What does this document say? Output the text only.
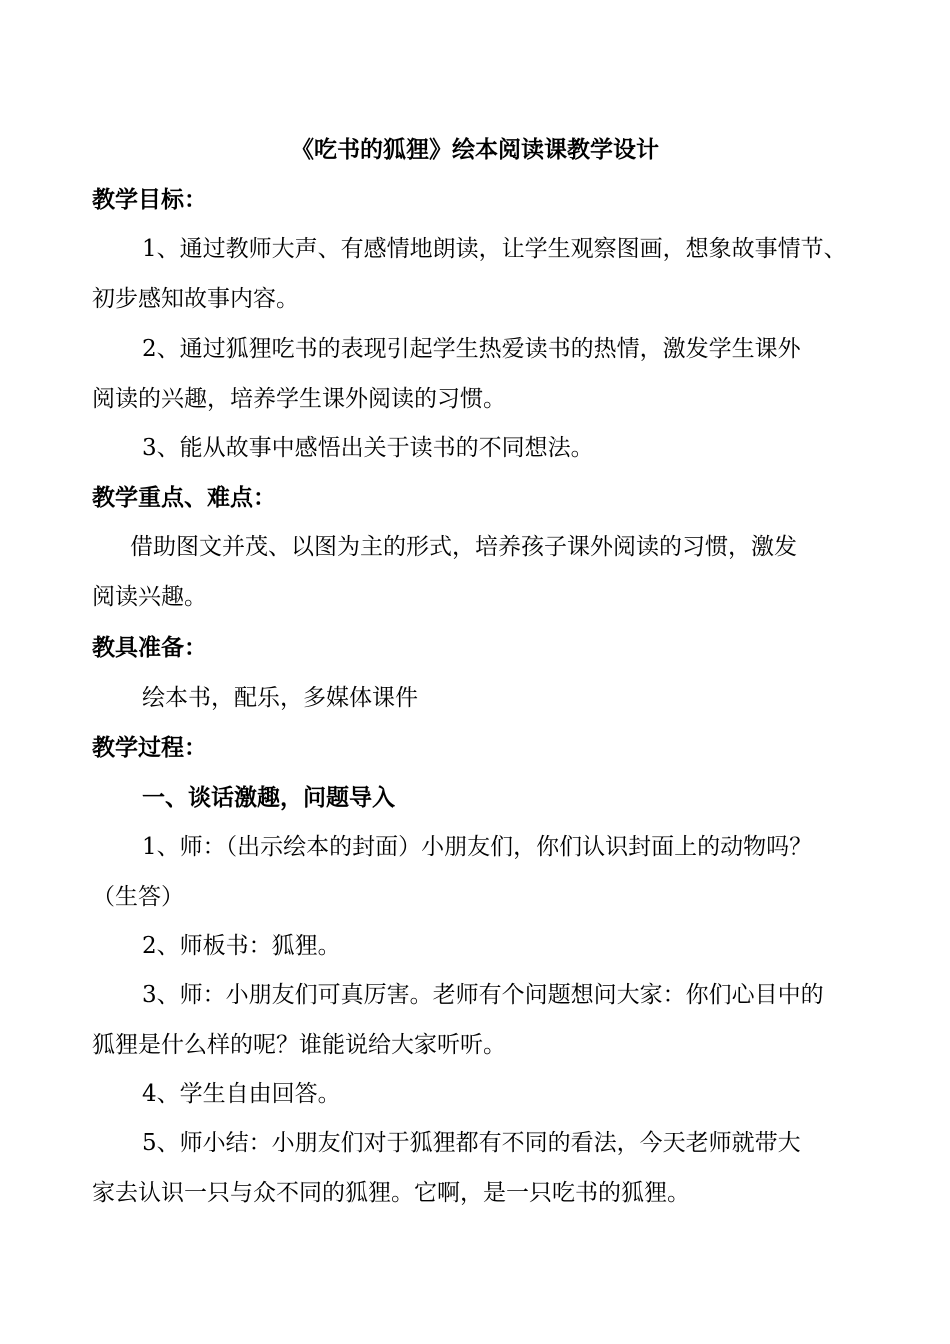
《吃书的狐狸》绘本阅读课教学设计
教学目标：
1、通过教师大声、有感情地朗读，让学生观察图画，想象故事情节、
初步感知故事内容。
2、通过狐狸吃书的表现引起学生热爱读书的热情，激发学生课外
阅读的兴趣，培养学生课外阅读的习惯。
3、能从故事中感悟出关于读书的不同想法。
教学重点、难点：
借助图文并茂、以图为主的形式，培养孩子课外阅读的习惯，激发
阅读兴趣。
教具准备：
绘本书，配乐，多媒体课件
教学过程：
一、谈话激趣，问题导入
1、师：（出示绘本的封面）小朋友们，你们认识封面上的动物吗？
（生答）
2、师板书：狐狸。
3、师：小朋友们可真厉害。老师有个问题想问大家：你们心目中的
狐狸是什么样的呢？谁能说给大家听听。
4、学生自由回答。
5、师小结：小朋友们对于狐狸都有不同的看法，今天老师就带大
家去认识一只与众不同的狐狸。它啊，是一只吃书的狐狸。
